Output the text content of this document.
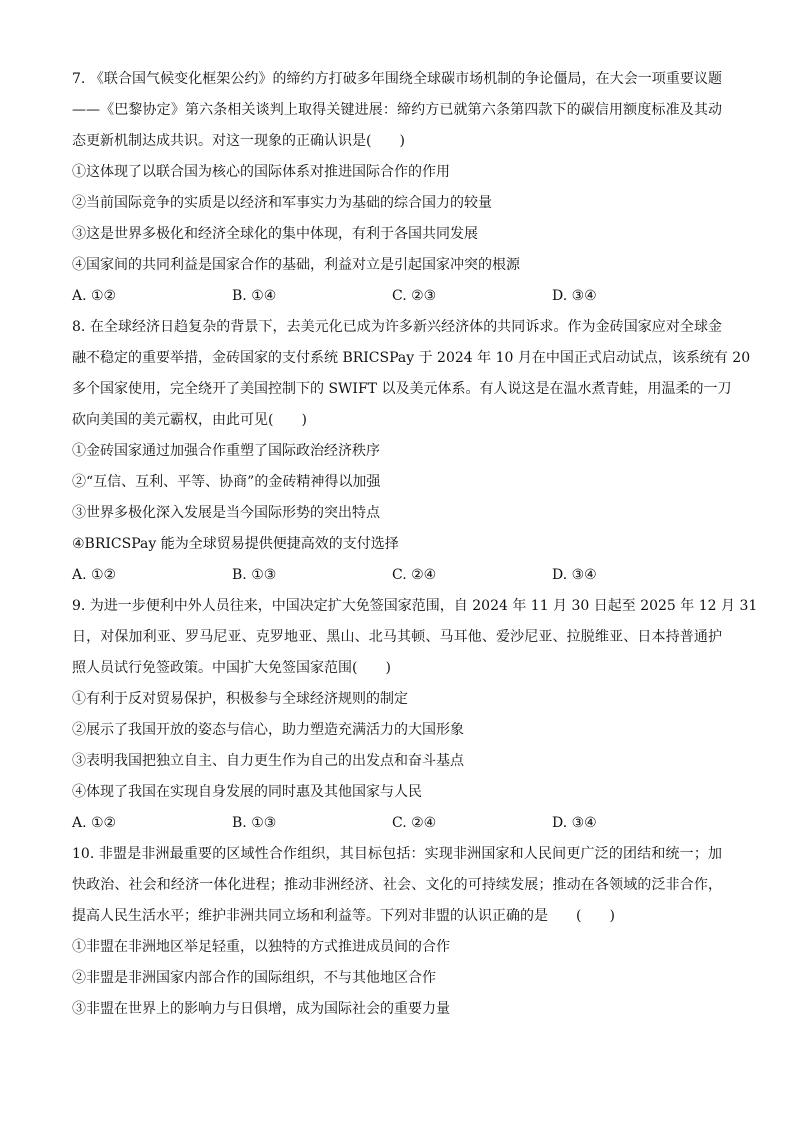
7. 《联合国气候变化框架公约》的缔约方打破多年围绕全球碳市场机制的争论僵局，在大会一项重要议题
——《巴黎协定》第六条相关谈判上取得关键进展：缔约方已就第六条第四款下的碳信用额度标准及其动
态更新机制达成共识。对这一现象的正确认识是(　　)
①这体现了以联合国为核心的国际体系对推进国际合作的作用
②当前国际竞争的实质是以经济和军事实力为基础的综合国力的较量
③这是世界多极化和经济全球化的集中体现，有利于各国共同发展
④国家间的共同利益是国家合作的基础，利益对立是引起国家冲突的根源
A. ①②	B. ①④	C. ②③	D. ③④
8. 在全球经济日趋复杂的背景下，去美元化已成为许多新兴经济体的共同诉求。作为金砖国家应对全球金
融不稳定的重要举措，金砖国家的支付系统 BRICSPay 于 2024 年 10 月在中国正式启动试点，该系统有 20
多个国家使用，完全绕开了美国控制下的 SWIFT 以及美元体系。有人说这是在温水煮青蛙，用温柔的一刀
砍向美国的美元霸权，由此可见(　　)
①金砖国家通过加强合作重塑了国际政治经济秩序
②“互信、互利、平等、协商”的金砖精神得以加强
③世界多极化深入发展是当今国际形势的突出特点
④BRICSPay 能为全球贸易提供便捷高效的支付选择
A. ①②	B. ①③	C. ②④	D. ③④
9. 为进一步便利中外人员往来，中国决定扩大免签国家范围，自 2024 年 11 月 30 日起至 2025 年 12 月 31
日，对保加利亚、罗马尼亚、克罗地亚、黑山、北马其顿、马耳他、爱沙尼亚、拉脱维亚、日本持普通护
照人员试行免签政策。中国扩大免签国家范围(　　)
①有利于反对贸易保护，积极参与全球经济规则的制定
②展示了我国开放的姿态与信心，助力塑造充满活力的大国形象
③表明我国把独立自主、自力更生作为自己的出发点和奋斗基点
④体现了我国在实现自身发展的同时惠及其他国家与人民
A. ①②	B. ①③	C. ②④	D. ③④
10. 非盟是非洲最重要的区域性合作组织，其目标包括：实现非洲国家和人民间更广泛的团结和统一；加
快政治、社会和经济一体化进程；推动非洲经济、社会、文化的可持续发展；推动在各领域的泛非合作，
提高人民生活水平；维护非洲共同立场和利益等。下列对非盟的认识正确的是　　(　　)
①非盟在非洲地区举足轻重，以独特的方式推进成员间的合作
②非盟是非洲国家内部合作的国际组织，不与其他地区合作
③非盟在世界上的影响力与日俱增，成为国际社会的重要力量
